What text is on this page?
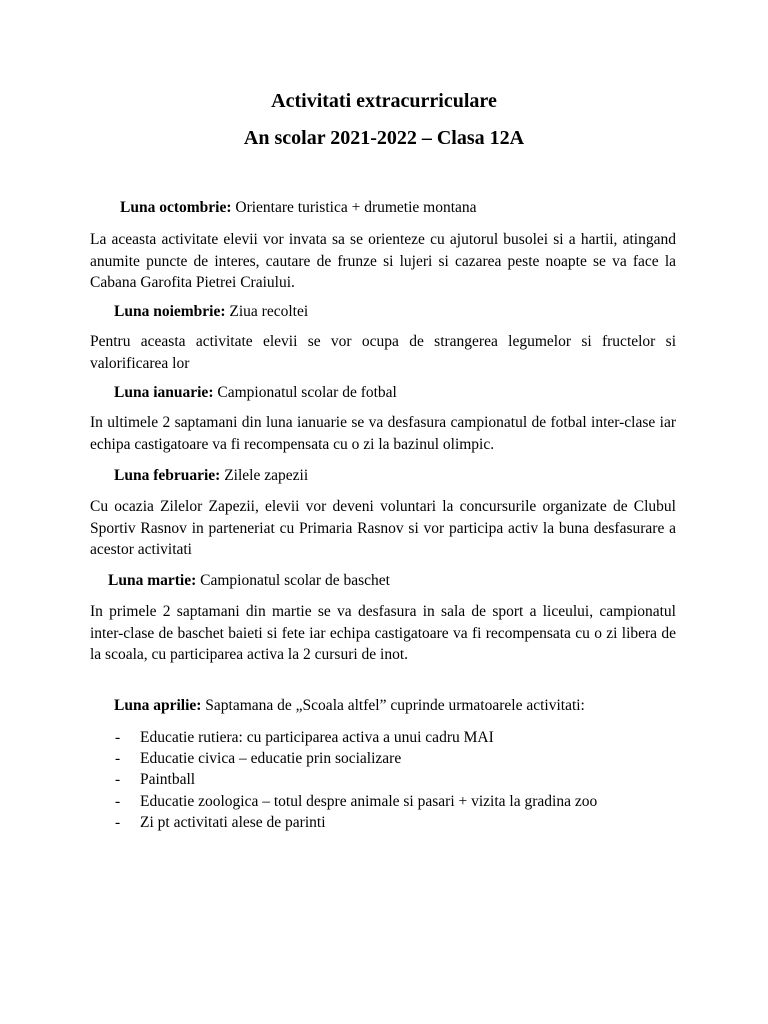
Activitati extracurriculare
An scolar 2021-2022 – Clasa 12A

Luna octombrie: Orientare turistica + drumetie montana

La aceasta activitate elevii vor invata sa se orienteze cu ajutorul busolei si a hartii, atingand anumite puncte de interes, cautare de frunze si lujeri si cazarea peste noapte se va face la Cabana Garofita Pietrei Craiului.

Luna noiembrie: Ziua recoltei

Pentru aceasta activitate elevii se vor ocupa de strangerea legumelor si fructelor si valorificarea lor

Luna ianuarie: Campionatul scolar de fotbal

In ultimele 2 saptamani din luna ianuarie se va desfasura campionatul de fotbal inter-clase iar echipa castigatoare va fi recompensata cu o zi la bazinul olimpic.

Luna februarie: Zilele zapezii

Cu ocazia Zilelor Zapezii, elevii vor deveni voluntari la concursurile organizate de Clubul Sportiv Rasnov in parteneriat cu Primaria Rasnov si vor participa activ la buna desfasurare a acestor activitati

Luna martie: Campionatul scolar de baschet

In primele 2 saptamani din martie se va desfasura in sala de sport a liceului, campionatul inter-clase de baschet baieti si fete iar echipa castigatoare va fi recompensata cu o zi libera de la scoala, cu participarea activa la 2 cursuri de inot.

Luna aprilie: Saptamana de „Scoala altfel” cuprinde urmatoarele activitati:

- Educatie rutiera: cu participarea activa a unui cadru MAI
- Educatie civica – educatie prin socializare
- Paintball
- Educatie zoologica – totul despre animale si pasari + vizita la gradina zoo
- Zi pt activitati alese de parinti
